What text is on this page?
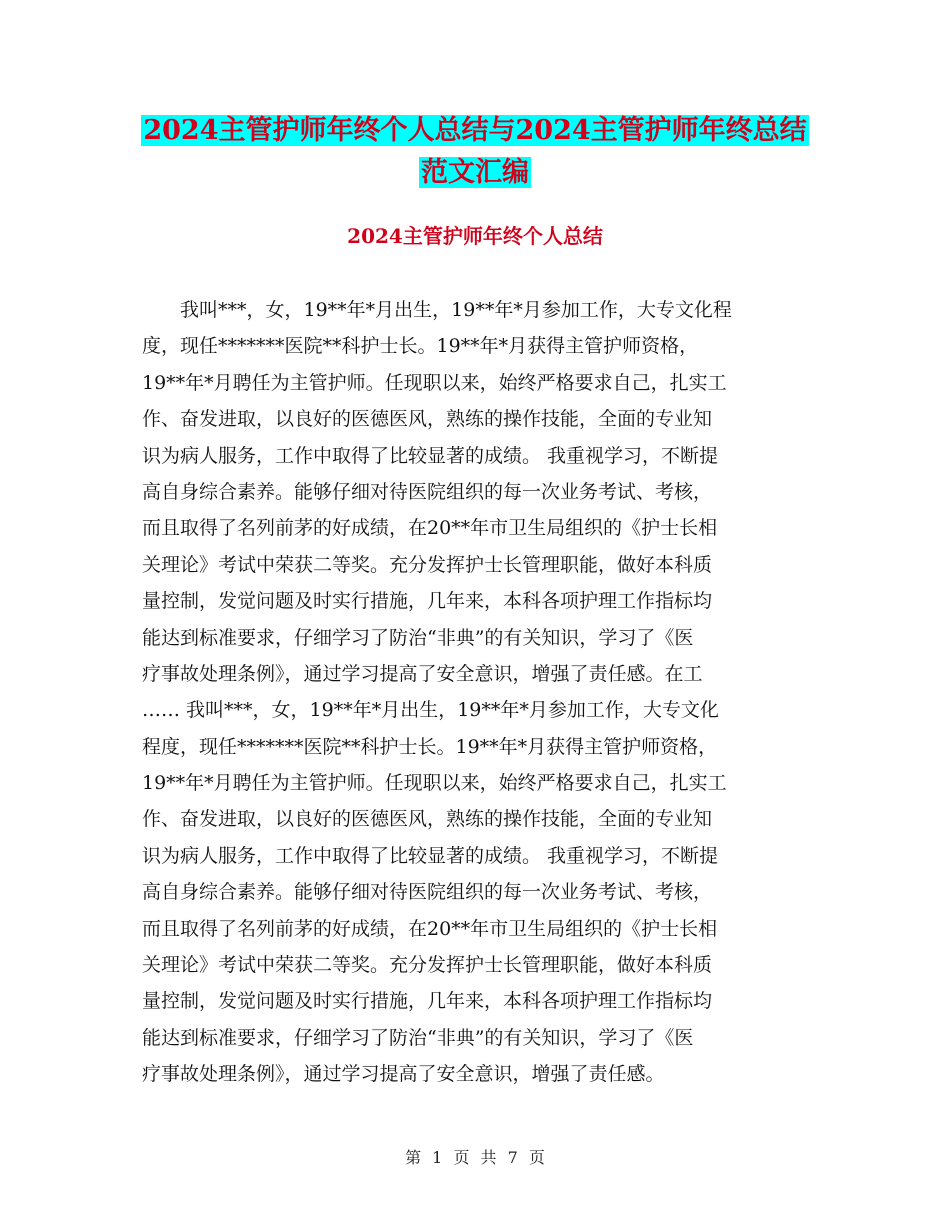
2024主管护师年终个人总结与2024主管护师年终总结
范文汇编
2024主管护师年终个人总结
　　我叫***，女，19**年*月出生，19**年*月参加工作，大专文化程
度，现任*******医院**科护士长。19**年*月获得主管护师资格，
19**年*月聘任为主管护师。任现职以来，始终严格要求自己，扎实工
作、奋发进取，以良好的医德医风，熟练的操作技能，全面的专业知
识为病人服务，工作中取得了比较显著的成绩。 我重视学习，不断提
高自身综合素养。能够仔细对待医院组织的每一次业务考试、考核，
而且取得了名列前茅的好成绩，在20**年市卫生局组织的《护士长相
关理论》考试中荣获二等奖。充分发挥护士长管理职能，做好本科质
量控制，发觉问题及时实行措施，几年来，本科各项护理工作指标均
能达到标准要求，仔细学习了防治“非典”的有关知识，学习了《医
疗事故处理条例》，通过学习提高了安全意识，增强了责任感。在工
…… 我叫***，女，19**年*月出生，19**年*月参加工作，大专文化
程度，现任*******医院**科护士长。19**年*月获得主管护师资格，
19**年*月聘任为主管护师。任现职以来，始终严格要求自己，扎实工
作、奋发进取，以良好的医德医风，熟练的操作技能，全面的专业知
识为病人服务，工作中取得了比较显著的成绩。 我重视学习，不断提
高自身综合素养。能够仔细对待医院组织的每一次业务考试、考核，
而且取得了名列前茅的好成绩，在20**年市卫生局组织的《护士长相
关理论》考试中荣获二等奖。充分发挥护士长管理职能，做好本科质
量控制，发觉问题及时实行措施，几年来，本科各项护理工作指标均
能达到标准要求，仔细学习了防治“非典”的有关知识，学习了《医
疗事故处理条例》，通过学习提高了安全意识，增强了责任感。
第 1 页 共 7 页
